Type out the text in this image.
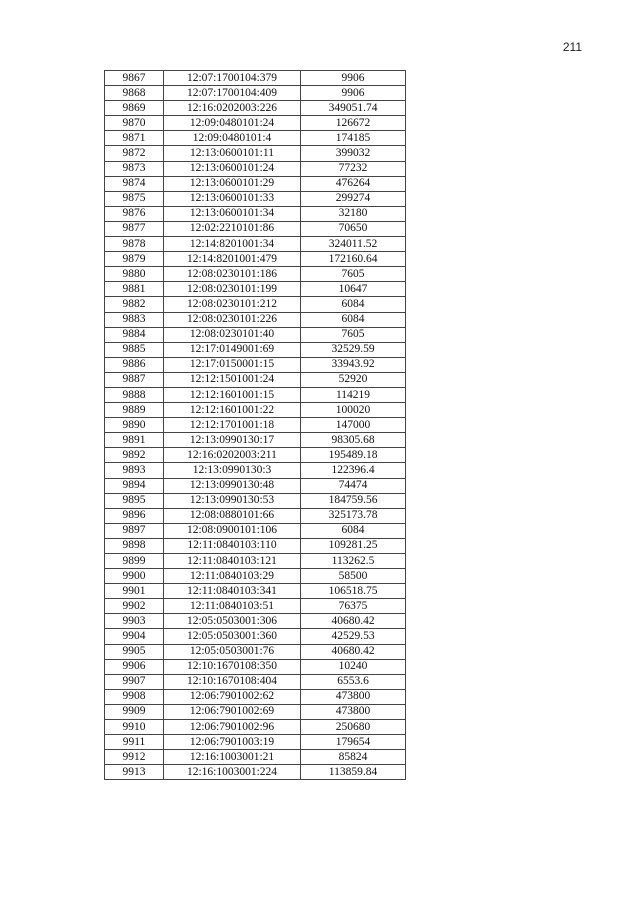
211
9867	12:07:1700104:379	9906
9868	12:07:1700104:409	9906
9869	12:16:0202003:226	349051.74
9870	12:09:0480101:24	126672
9871	12:09:0480101:4	174185
9872	12:13:0600101:11	399032
9873	12:13:0600101:24	77232
9874	12:13:0600101:29	476264
9875	12:13:0600101:33	299274
9876	12:13:0600101:34	32180
9877	12:02:2210101:86	70650
9878	12:14:8201001:34	324011.52
9879	12:14:8201001:479	172160.64
9880	12:08:0230101:186	7605
9881	12:08:0230101:199	10647
9882	12:08:0230101:212	6084
9883	12:08:0230101:226	6084
9884	12:08:0230101:40	7605
9885	12:17:0149001:69	32529.59
9886	12:17:0150001:15	33943.92
9887	12:12:1501001:24	52920
9888	12:12:1601001:15	114219
9889	12:12:1601001:22	100020
9890	12:12:1701001:18	147000
9891	12:13:0990130:17	98305.68
9892	12:16:0202003:211	195489.18
9893	12:13:0990130:3	122396.4
9894	12:13:0990130:48	74474
9895	12:13:0990130:53	184759.56
9896	12:08:0880101:66	325173.78
9897	12:08:0900101:106	6084
9898	12:11:0840103:110	109281.25
9899	12:11:0840103:121	113262.5
9900	12:11:0840103:29	58500
9901	12:11:0840103:341	106518.75
9902	12:11:0840103:51	76375
9903	12:05:0503001:306	40680.42
9904	12:05:0503001:360	42529.53
9905	12:05:0503001:76	40680.42
9906	12:10:1670108:350	10240
9907	12:10:1670108:404	6553.6
9908	12:06:7901002:62	473800
9909	12:06:7901002:69	473800
9910	12:06:7901002:96	250680
9911	12:06:7901003:19	179654
9912	12:16:1003001:21	85824
9913	12:16:1003001:224	113859.84
